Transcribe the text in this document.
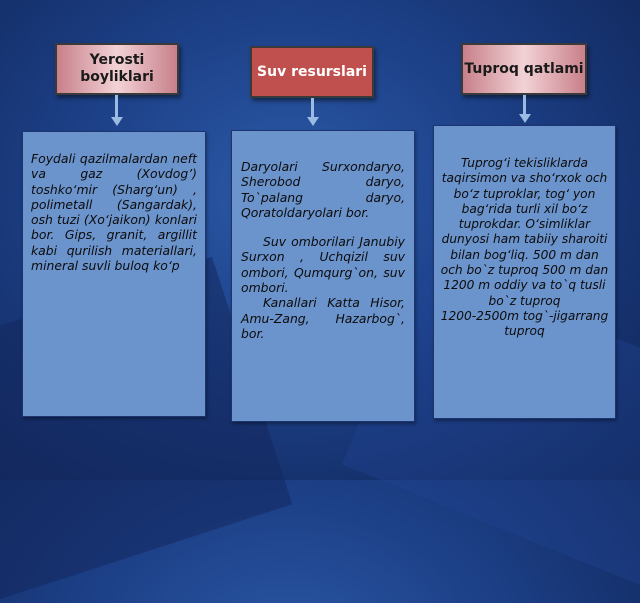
Yerosti boyliklari	Suv resurslari	Tuproq qatlami

Foydali qazilmalardan neft va gaz (Xovdog’) toshko‘mir (Sharg‘un) , polimetall (Sangardak), osh tuzi (Xo‘jaikon) konlari bor. Gips, granit, argillit kabi qurilish materiallari, mineral suvli buloq ko‘p

Daryolari Surxondaryo, Sherobod daryo, To`palang daryo, Qoratoldaryolari bor.

Suv omborilari Janubiy Surxon , Uchqizil suv ombori, Qumqurg`on, suv ombori.

Kanallari Katta Hisor, Amu-Zang, Hazarbog`, bor.

Tuprog‘i tekisliklarda taqirsimon va sho‘rxok och bo‘z tuproklar, tog‘ yon bag‘rida turli xil bo‘z tuprokdar. O‘simliklar dunyosi ham tabiiy sharoiti bilan bog‘liq. 500 m dan och bo`z tuproq 500 m dan 1200 m oddiy va to`q tusli bo`z tuproq

1200-2500m tog`-jigarrang tuproq
